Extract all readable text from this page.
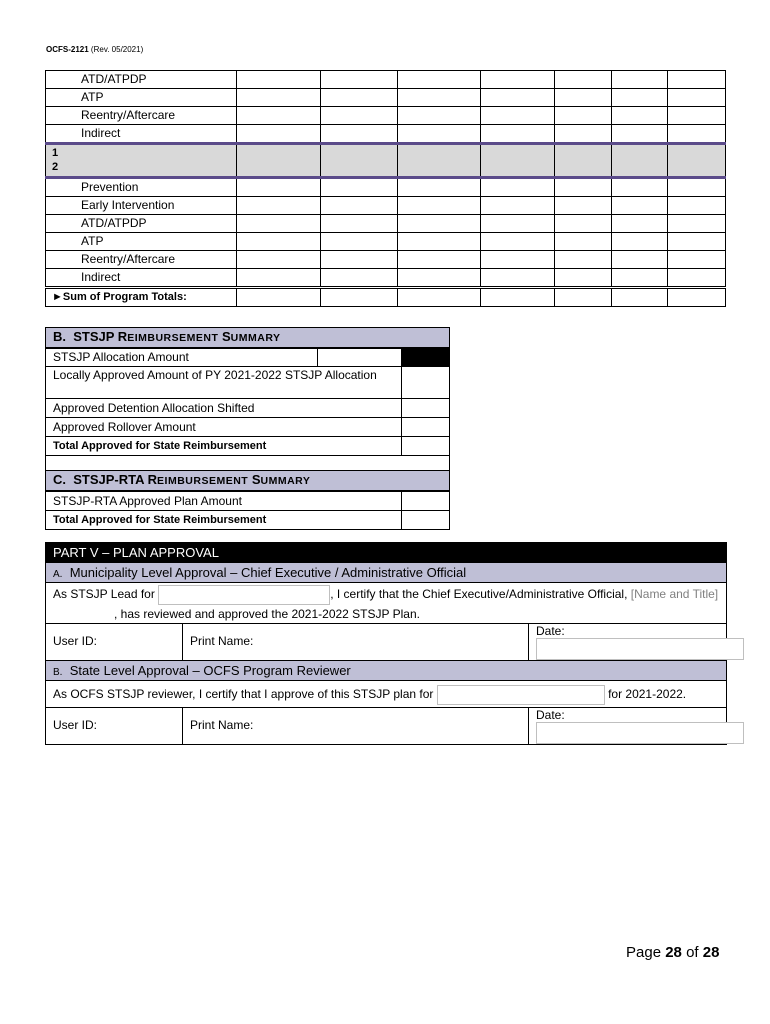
OCFS-2121 (Rev. 05/2021)
ATD/ATPDP							
ATP							
Reentry/Aftercare							
Indirect							

1
2							

Prevention							
Early Intervention							
ATD/ATPDP							
ATP							
Reentry/Aftercare							
Indirect							
►Sum of Program Totals:							
B. STSJP REIMBURSEMENT SUMMARY		
STSJP Allocation Amount		
Locally Approved Amount of PY 2021-2022 STSJP Allocation		
Approved Detention Allocation Shifted		
Approved Rollover Amount		
Total Approved for State Reimbursement		

C. STSJP-RTA REIMBURSEMENT SUMMARY	
STSJP-RTA Approved Plan Amount	
Total Approved for State Reimbursement	
PART V – PLAN APPROVAL
A. Municipality Level Approval – Chief Executive / Administrative Official
As STSJP Lead for	, I certify that the Chief Executive/Administrative Official, [Name and Title]
, has reviewed and approved the 2021-2022 STSJP Plan.
User ID:	Print Name:
Date:
B. State Level Approval – OCFS Program Reviewer
As OCFS STSJP reviewer, I certify that I approve of this STSJP plan for	for 2021-2022.
User ID:	Print Name:
Date:
Page 28 of 28
